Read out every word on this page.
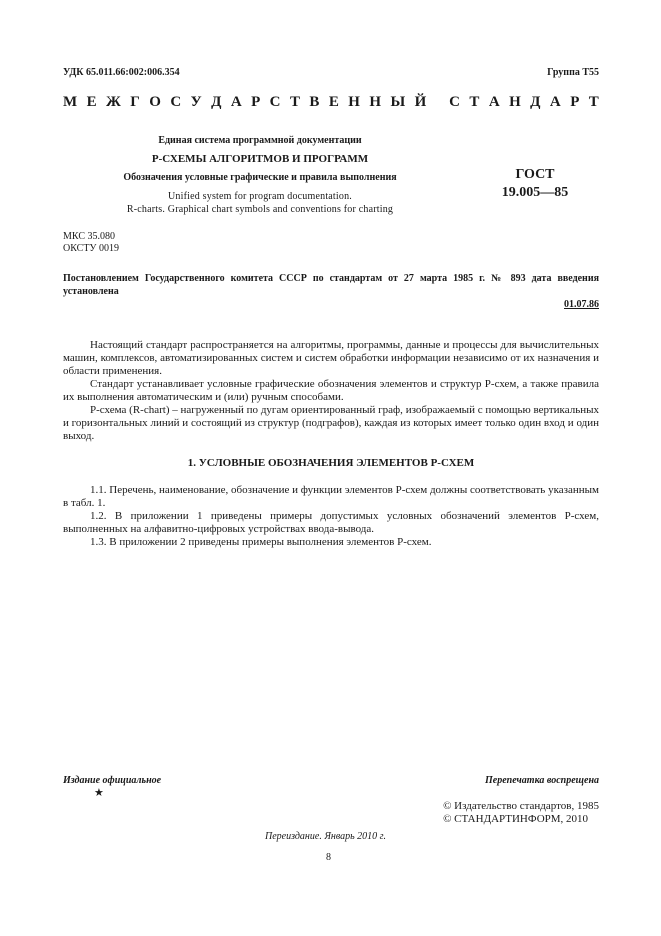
УДК 65.011.66:002:006.354	Группа Т55
М Е Ж Г О С У Д А Р С Т В Е Н Н Ы Й С Т А Н Д А Р Т
Единая система программной документации
Р-СХЕМЫ АЛГОРИТМОВ И ПРОГРАММ
Обозначения условные графические и правила выполнения
Unified system for program documentation.
R-charts. Graphical chart symbols and conventions for charting
ГОСТ
19.005—85
МКС 35.080
ОКСТУ 0019
Постановлением Государственного комитета СССР по стандартам от 27 марта 1985 г. № 893 дата введения установлена
01.07.86

Настоящий стандарт распространяется на алгоритмы, программы, данные и процессы для вычислительных машин, комплексов, автоматизированных систем и систем обработки информации независимо от их назначения и области применения.

Стандарт устанавливает условные графические обозначения элементов и структур Р-схем, а также правила их выполнения автоматическим и (или) ручным способами.

Р-схема (R-chart) – нагруженный по дугам ориентированный граф, изображаемый с помощью вертикальных и горизонтальных линий и состоящий из структур (подграфов), каждая из которых имеет только один вход и один выход.

1. УСЛОВНЫЕ ОБОЗНАЧЕНИЯ ЭЛЕМЕНТОВ Р-СХЕМ

1.1. Перечень, наименование, обозначение и функции элементов Р-схем должны соответствовать указанным в табл. 1.

1.2. В приложении 1 приведены примеры допустимых условных обозначений элементов Р-схем, выполненных на алфавитно-цифровых устройствах ввода-вывода.

1.3. В приложении 2 приведены примеры выполнения элементов Р-схем.

Издание официальное
★
Перепечатка воспрещена
© Издательство стандартов, 1985
© СТАНДАРТИНФОРМ, 2010
Переиздание. Январь 2010 г.
8
